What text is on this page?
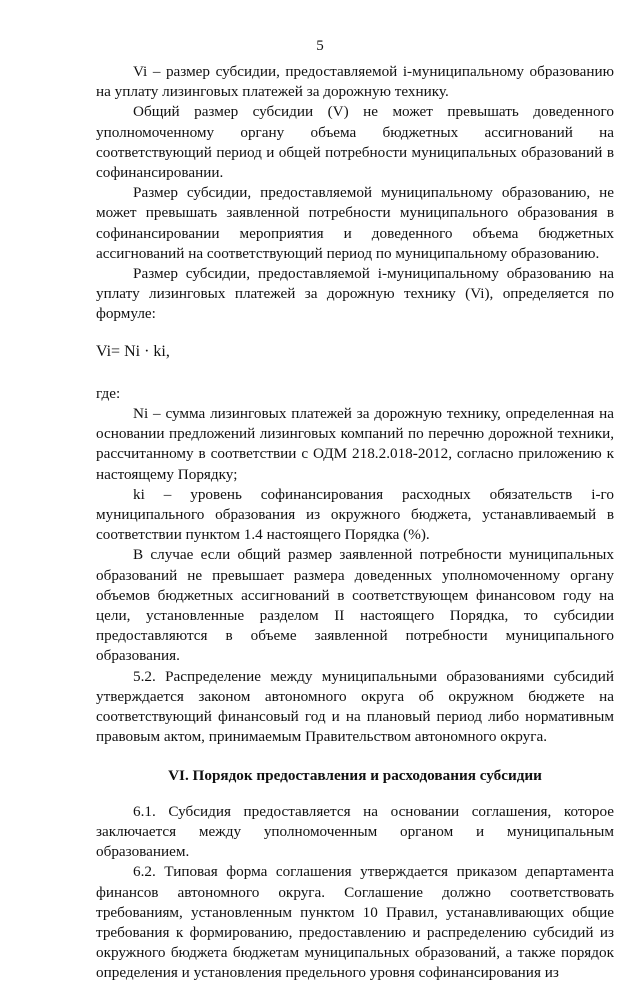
5

Vi – размер субсидии, предоставляемой i-муниципальному образованию на уплату лизинговых платежей за дорожную технику.

Общий размер субсидии (V) не может превышать доведенного уполномоченному органу объема бюджетных ассигнований на соответствующий период и общей потребности муниципальных образований в софинансировании.

Размер субсидии, предоставляемой муниципальному образованию, не может превышать заявленной потребности муниципального образования в софинансировании мероприятия и доведенного объема бюджетных ассигнований на соответствующий период по муниципальному образованию.

Размер субсидии, предоставляемой i-муниципальному образованию на уплату лизинговых платежей за дорожную технику (Vi), определяется по формуле:

Vi= Ni · ki,

где:

Ni – сумма лизинговых платежей за дорожную технику, определенная на основании предложений лизинговых компаний по перечню дорожной техники, рассчитанному в соответствии с ОДМ 218.2.018-2012, согласно приложению к настоящему Порядку;

ki – уровень софинансирования расходных обязательств i-го муниципального образования из окружного бюджета, устанавливаемый в соответствии пунктом 1.4 настоящего Порядка (%).

В случае если общий размер заявленной потребности муниципальных образований не превышает размера доведенных уполномоченному органу объемов бюджетных ассигнований в соответствующем финансовом году на цели, установленные разделом II настоящего Порядка, то субсидии предоставляются в объеме заявленной потребности муниципального образования.

5.2. Распределение между муниципальными образованиями субсидий утверждается законом автономного округа об окружном бюджете на соответствующий финансовый год и на плановый период либо нормативным правовым актом, принимаемым Правительством автономного округа.

VI. Порядок предоставления и расходования субсидии

6.1. Субсидия предоставляется на основании соглашения, которое заключается между уполномоченным органом и муниципальным образованием.

6.2. Типовая форма соглашения утверждается приказом департамента финансов автономного округа. Соглашение должно соответствовать требованиям, установленным пунктом 10 Правил, устанавливающих общие требования к формированию, предоставлению и распределению субсидий из окружного бюджета бюджетам муниципальных образований, а также порядок определения и установления предельного уровня софинансирования из
